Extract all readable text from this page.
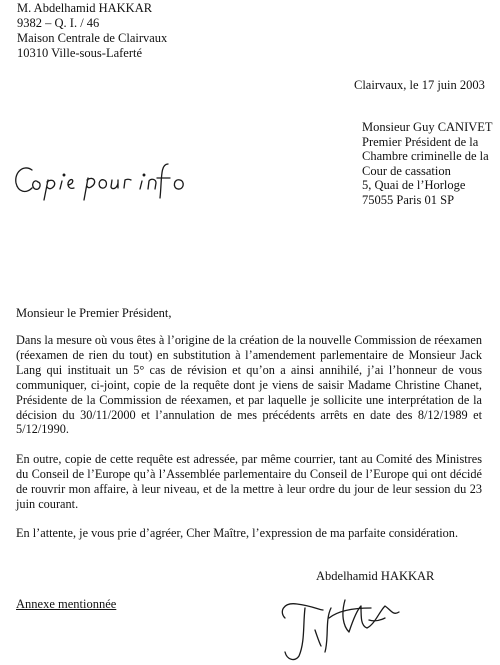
M. Abdelhamid HAKKAR
9382 – Q. I. / 46
Maison Centrale de Clairvaux
10310 Ville-sous-Laferté
Clairvaux, le 17 juin 2003
Monsieur Guy CANIVET
Premier Président de la
Chambre criminelle de la
Cour de cassation
5, Quai de l’Horloge
75055 Paris 01 SP
Monsieur le Premier Président,
Dans la mesure où vous êtes à l’origine de la création de la nouvelle Commission de réexamen (réexamen de rien du tout) en substitution à l’amendement parlementaire de Monsieur Jack Lang qui instituait un 5° cas de révision et qu’on a ainsi annihilé, j’ai l’honneur de vous communiquer, ci-joint, copie de la requête dont je viens de saisir Madame Christine Chanet, Présidente de la Commission de réexamen, et par laquelle je sollicite une interprétation de la décision du 30/11/2000 et l’annulation de mes précédents arrêts en date des 8/12/1989 et 5/12/1990.
En outre, copie de cette requête est adressée, par même courrier, tant au Comité des Ministres du Conseil de l’Europe qu’à l’Assemblée parlementaire du Conseil de l’Europe qui ont décidé de rouvrir mon affaire, à leur niveau, et de la mettre à leur ordre du jour de leur session du 23 juin courant.
En l’attente, je vous prie d’agréer, Cher Maître, l’expression de ma parfaite considération.
Abdelhamid HAKKAR
Annexe mentionnée
